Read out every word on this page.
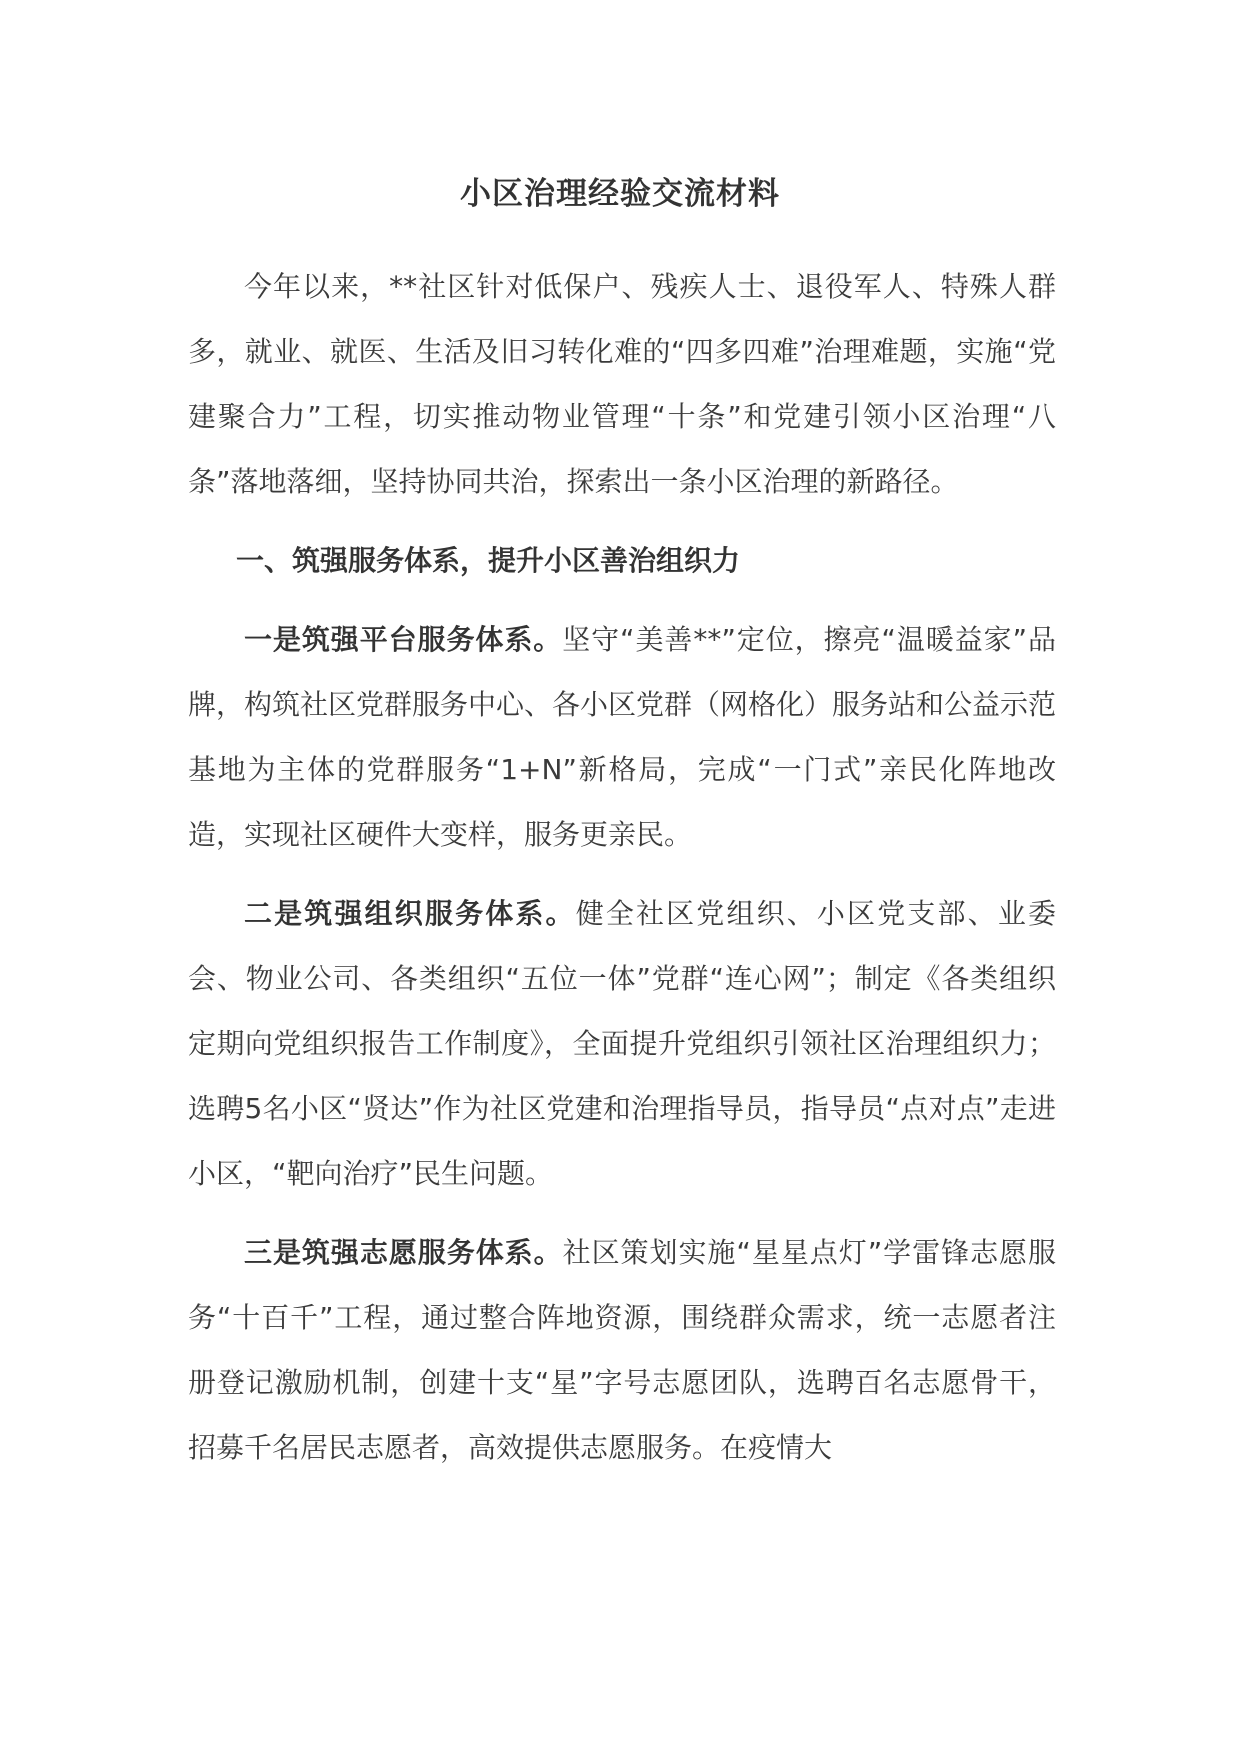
小区治理经验交流材料

今年以来，**社区针对低保户、残疾人士、退役军人、特殊人群多，就业、就医、生活及旧习转化难的“四多四难”治理难题，实施“党建聚合力”工程，切实推动物业管理“十条”和党建引领小区治理“八条”落地落细，坚持协同共治，探索出一条小区治理的新路径。

一、筑强服务体系，提升小区善治组织力

一是筑强平台服务体系。坚守“美善**”定位，擦亮“温暖益家”品牌，构筑社区党群服务中心、各小区党群（网格化）服务站和公益示范基地为主体的党群服务“1+N”新格局，完成“一门式”亲民化阵地改造，实现社区硬件大变样，服务更亲民。

二是筑强组织服务体系。健全社区党组织、小区党支部、业委会、物业公司、各类组织“五位一体”党群“连心网”；制定《各类组织定期向党组织报告工作制度》，全面提升党组织引领社区治理组织力；选聘5名小区“贤达”作为社区党建和治理指导员，指导员“点对点”走进小区，“靶向治疗”民生问题。

三是筑强志愿服务体系。社区策划实施“星星点灯”学雷锋志愿服务“十百千”工程，通过整合阵地资源，围绕群众需求，统一志愿者注册登记激励机制，创建十支“星”字号志愿团队，选聘百名志愿骨干，招募千名居民志愿者，高效提供志愿服务。在疫情大
